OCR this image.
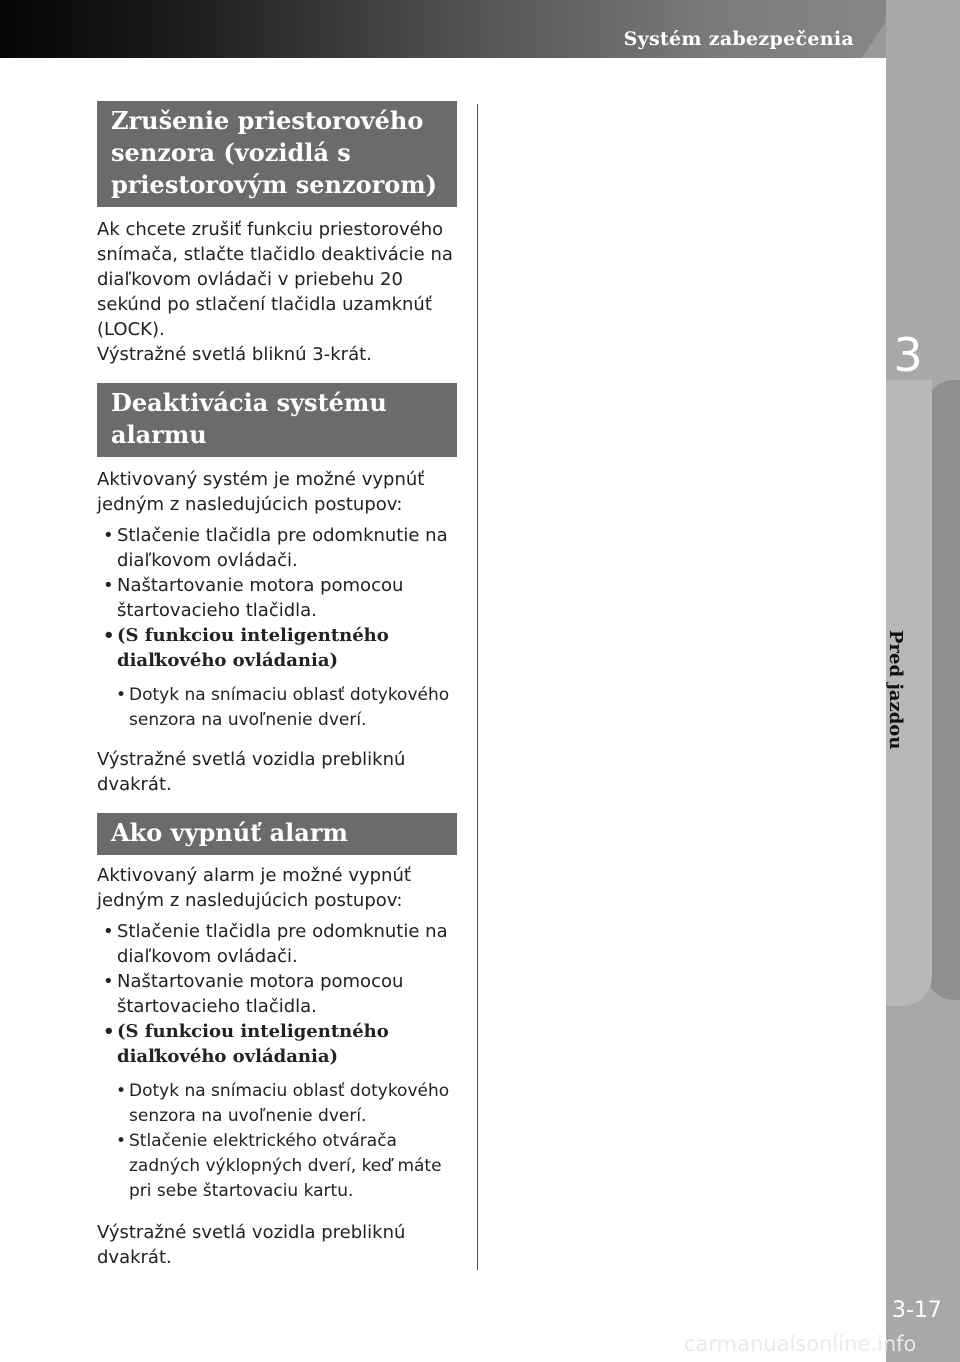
Systém zabezpečenia
3
Pred jazdou
3-17
carmanualsonline.info
Zrušenie priestorového senzora (vozidlá s priestorovým senzorom)

Ak chcete zrušiť funkciu priestorového snímača, stlačte tlačidlo deaktivácie na diaľkovom ovládači v priebehu 20 sekúnd po stlačení tlačidla uzamknúť (LOCK).

Výstražné svetlá bliknú 3-krát.

Deaktivácia systému alarmu

Aktivovaný systém je možné vypnúť jedným z nasledujúcich postupov:

• Stlačenie tlačidla pre odomknutie na diaľkovom ovládači.
• Naštartovanie motora pomocou štartovacieho tlačidla.
• (S funkciou inteligentného diaľkového ovládania)
• Dotyk na snímaciu oblasť dotykového senzora na uvoľnenie dverí.

Výstražné svetlá vozidla prebliknú dvakrát.

Ako vypnúť alarm

Aktivovaný alarm je možné vypnúť jedným z nasledujúcich postupov:

• Stlačenie tlačidla pre odomknutie na diaľkovom ovládači.
• Naštartovanie motora pomocou štartovacieho tlačidla.
• (S funkciou inteligentného diaľkového ovládania)
• Dotyk na snímaciu oblasť dotykového senzora na uvoľnenie dverí.
• Stlačenie elektrického otvárača zadných výklopných dverí, keď máte pri sebe štartovaciu kartu.

Výstražné svetlá vozidla prebliknú dvakrát.
